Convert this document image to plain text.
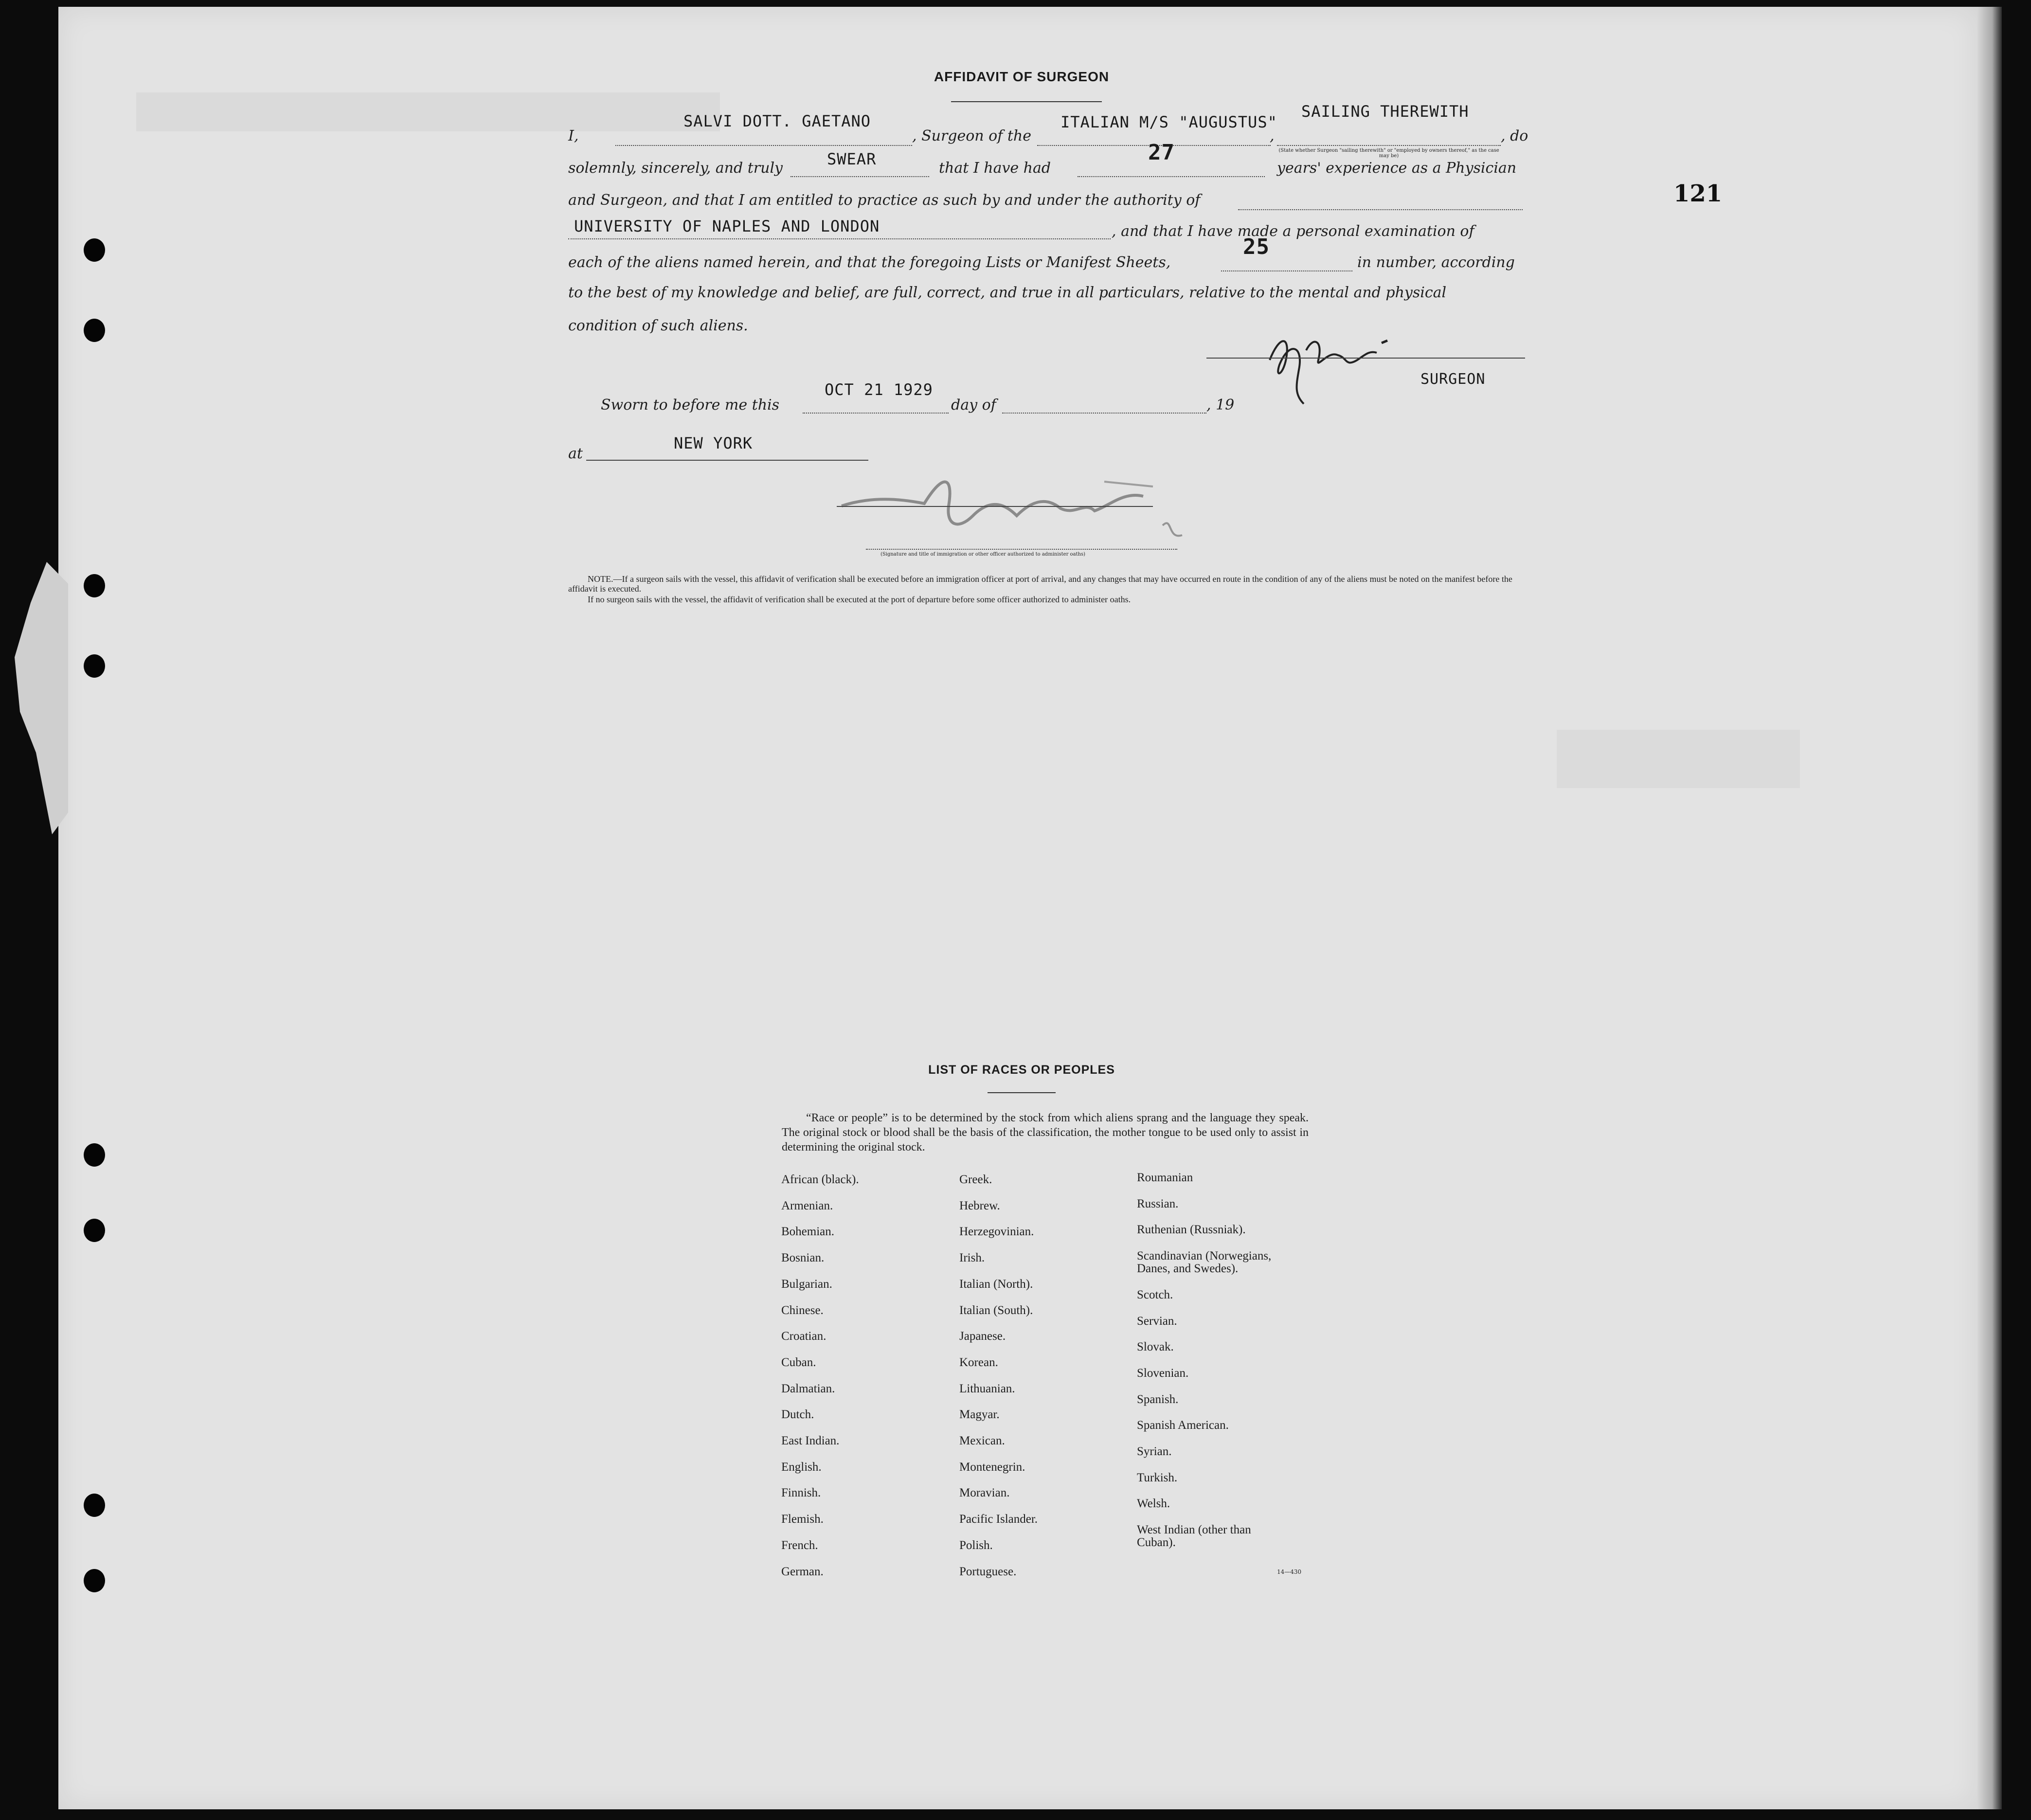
121
AFFIDAVIT OF SURGEON
I,
SALVI DOTT. GAETANO
, Surgeon of the
ITALIAN M/S "AUGUSTUS"
,
SAILING THEREWITH
, do
(State whether Surgeon "sailing therewith" or "employed by owners thereof," as the case may be)
solemnly, sincerely, and truly	SWEAR	that I have had
27
years' experience as a Physician
and Surgeon, and that I am entitled to practice as such by and under the authority of
UNIVERSITY OF NAPLES AND LONDON	, and that I have made a personal examination of
each of the aliens named herein, and that the foregoing Lists or Manifest Sheets,
25
in number, according
to the best of my knowledge and belief, are full, correct, and true in all particulars, relative to the mental and physical
condition of such aliens.
SURGEON
Sworn to before me this
OCT 21 1929
day of	, 19
at
NEW YORK
(Signature and title of immigration or other officer authorized to administer oaths)
NOTE.—If a surgeon sails with the vessel, this affidavit of verification shall be executed before an immigration officer at port of arrival, and any changes that may have occurred en route in the condition of any of the aliens must be noted on the manifest before the affidavit is executed.
If no surgeon sails with the vessel, the affidavit of verification shall be executed at the port of departure before some officer authorized to administer oaths.
LIST OF RACES OR PEOPLES
“Race or people” is to be determined by the stock from which aliens sprang and the language they speak. The original stock or blood shall be the basis of the classification, the mother tongue to be used only to assist in determining the original stock.
African (black).
Armenian.
Bohemian.
Bosnian.
Bulgarian.
Chinese.
Croatian.
Cuban.
Dalmatian.
Dutch.
East Indian.
English.
Finnish.
Flemish.
French.
German.
Greek.
Hebrew.
Herzegovinian.
Irish.
Italian (North).
Italian (South).
Japanese.
Korean.
Lithuanian.
Magyar.
Mexican.
Montenegrin.
Moravian.
Pacific Islander.
Polish.
Portuguese.
Roumanian
Russian.
Ruthenian (Russniak).
Scandinavian (Norwegians,
Danes, and Swedes).
Scotch.
Servian.
Slovak.
Slovenian.
Spanish.
Spanish American.
Syrian.
Turkish.
Welsh.
West Indian (other than
Cuban).
14—430
